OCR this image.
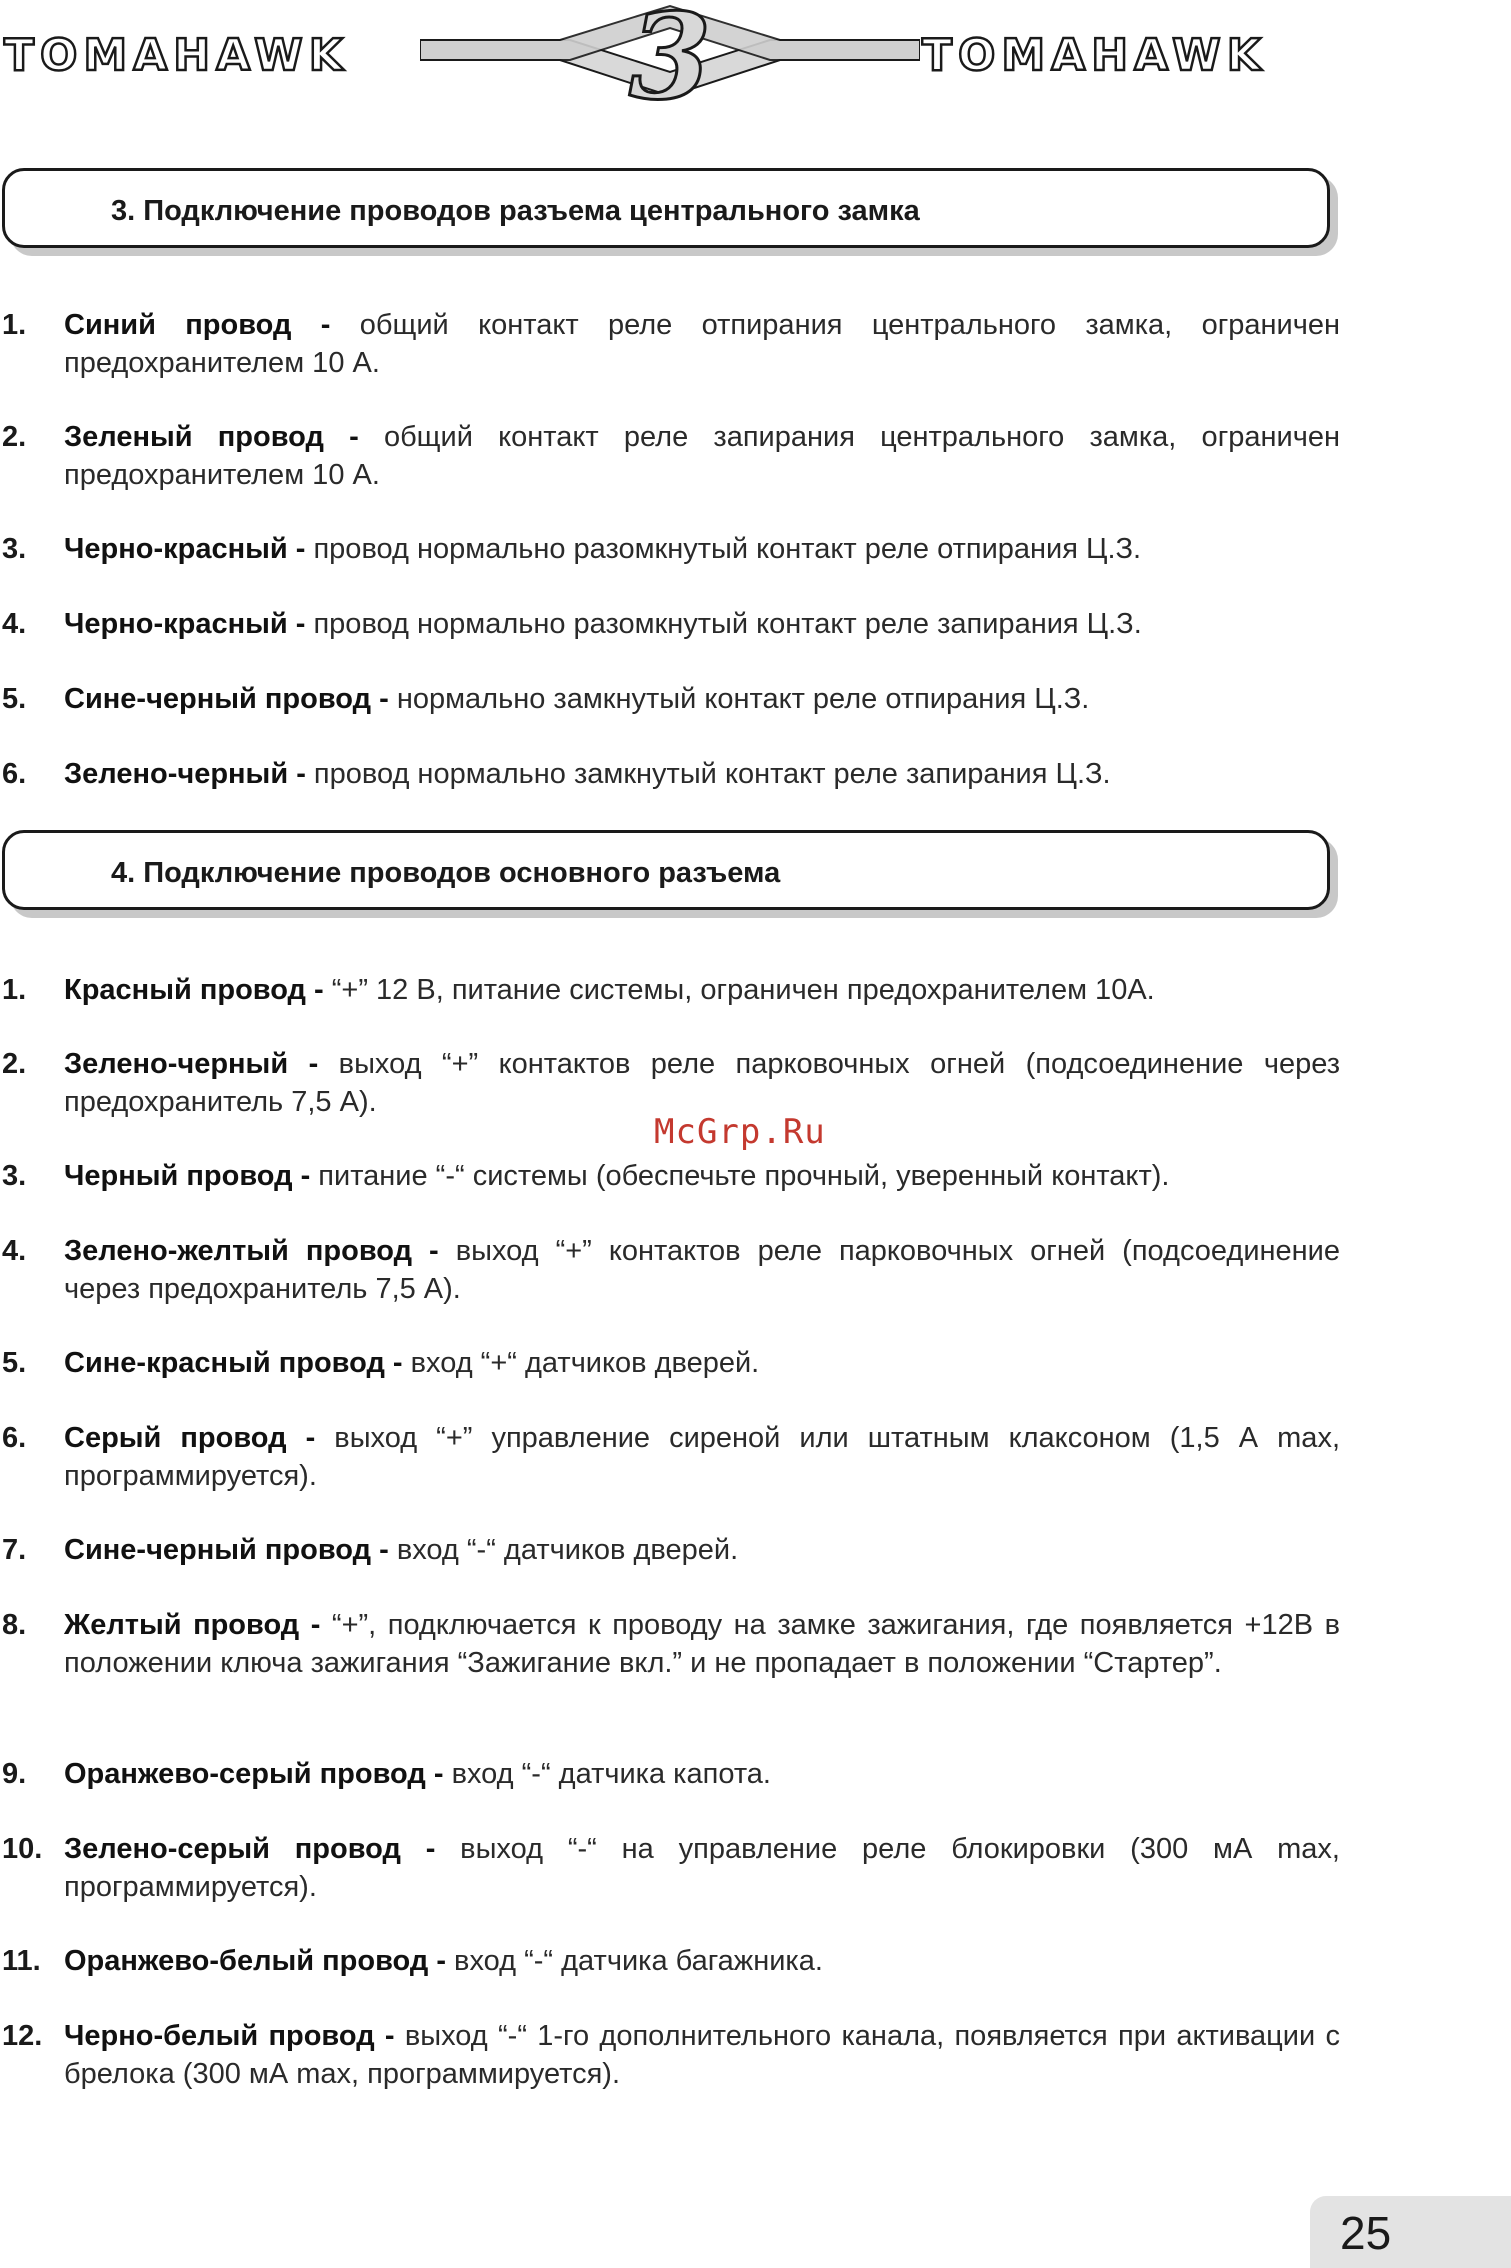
TOMAHAWK 3	TOMAHAWK
3. Подключение проводов разъема центрального замка
1. Синий провод - общий контакт реле отпирания центрального замка, ограничен предохранителем 10 А.
2. Зеленый провод - общий контакт реле запирания центрального замка, ограничен предохранителем 10 А.
3. Черно-красный - провод нормально разомкнутый контакт реле отпирания Ц.З.
4. Черно-красный - провод нормально разомкнутый контакт реле запирания Ц.З.
5. Сине-черный провод - нормально замкнутый контакт реле отпирания Ц.З.
6. Зелено-черный - провод нормально замкнутый контакт реле запирания Ц.З.
4. Подключение проводов основного разъема
1. Красный провод - “+” 12 В, питание системы, ограничен предохранителем 10А.
2. Зелено-черный - выход “+” контактов реле парковочных огней (подсоединение через предохранитель 7,5 А).
3. Черный провод - питание “-“ системы (обеспечьте прочный, уверенный контакт).
4. Зелено-желтый провод - выход “+” контактов реле парковочных огней (подсоединение через предохранитель 7,5 А).
5. Сине-красный провод - вход “+“ датчиков дверей.
6. Серый провод - выход “+” управление сиреной или штатным клаксоном (1,5 А max, программируется).
7. Сине-черный провод - вход “-“ датчиков дверей.
8. Желтый провод - “+”, подключается к проводу на замке зажигания, где появляется +12В в положении ключа зажигания “Зажигание вкл.” и не пропадает в положении “Стартер”.
9. Оранжево-серый провод - вход “-“ датчика капота.
10. Зелено-серый провод - выход “-“ на управление реле блокировки (300 мА max, программируется).
11. Оранжево-белый провод - вход “-“ датчика багажника.
12. Черно-белый провод - выход “-“ 1-го дополнительного канала, появляется при активации с брелока (300 мА max, программируется).
McGrp.Ru
25
